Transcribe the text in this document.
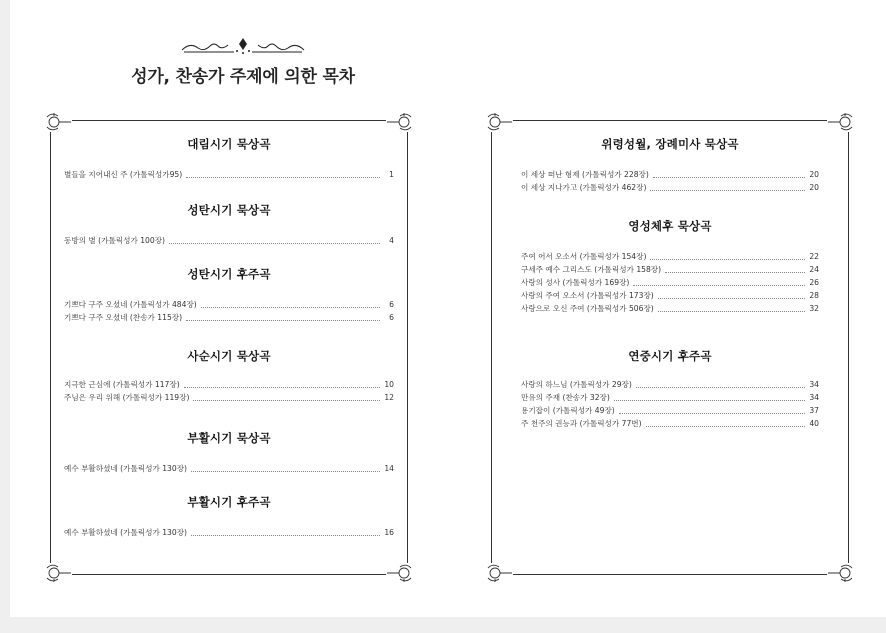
성가, 찬송가 주제에 의한 목차
대림시기 묵상곡
별들을 지어내신 주 (가톨릭성가95)	1
성탄시기 묵상곡
동방의 별 (가톨릭성가 100장)	4
성탄시기 후주곡
기쁘다 구주 오셨네 (가톨릭성가 484장)	6
기쁘다 구주 오셨네 (찬송가 115장)	6
사순시기 묵상곡
지극한 근심에 (가톨릭성가 117장)	10
주님은 우리 위해 (가톨릭성가 119장)	12
부활시기 묵상곡
예수 부활하셨네 (가톨릭성가 130장)	14
부활시기 후주곡
예수 부활하셨네 (가톨릭성가 130장)	16
위령성월, 장례미사 묵상곡
이 세상 떠난 형제 (가톨릭성가 228장)	20
이 세상 지나가고 (가톨릭성가 462장)	20
영성체후 묵상곡
주여 어서 오소서 (가톨릭성가 154장)	22
구세주 예수 그리스도 (가톨릭성가 158장)	24
사랑의 성사 (가톨릭성가 169장)	26
사랑의 주여 오소서 (가톨릭성가 173장)	28
사랑으로 오신 주여 (가톨릭성가 506장)	32
연중시기 후주곡
사랑의 하느님 (가톨릭성가 29장)	34
만유의 주재 (찬송가 32장)	34
용기잡이 (가톨릭성가 49장)	37
주 천주의 권능과 (가톨릭성가 77번)	40
